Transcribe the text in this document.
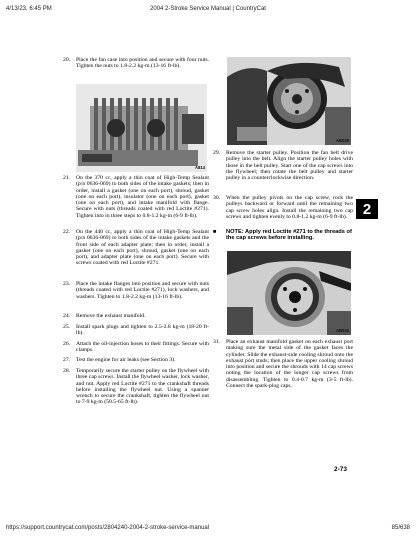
4/13/23, 6:45 PM	2004 2-Stroke Service Manual | CountryCat
20.	Place the fan case into position and secure with four nuts. Tighten the nuts to 1.8-2.2 kg-m (13-16 ft-lb).
A814
21.	On the 370 cc, apply a thin coat of High-Temp Sealant (p/n 0636-069) to both sides of the intake gaskets; then in order, install a gasket (one on each port), shroud, gasket (one on each port), insulator (one on each port), gasket (one on each port), and intake manifold with flange. Secure with nuts (threads coated with red Loctite #271). Tighten into in three steps to 0.8-1.2 kg-m (6-9 ft-lb).
22.	On the 440 cc, apply a thin coat of High-Temp Sealant (p/n 0636-069) to both sides of the intake gaskets and the front side of each adapter plate; then in order, install a gasket (one on each port), shroud, gasket (one on each port), and adapter plate (one on each port). Secure with screws coated with red Loctite #271.
23.	Place the intake flanges into position and secure with nuts (threads coated with red Loctite #271), lock washers, and washers. Tighten to 1.8-2.2 kg-m (13-16 ft-lb).
24.	Remove the exhaust manifold.
25.	Install spark plugs and tighten to 2.5-2.8 kg-m (18-20 ft-lb).
26.	Attach the oil-injection hoses to their fittings. Secure with clamps.
27.	Test the engine for air leaks (see Section 3).
28.	Temporarily secure the starter pulley on the flywheel with three cap screws. Install the flywheel washer, lock washer, and nut. Apply red Loctite #271 to the crankshaft threads before installing the flywheel nut. Using a spanner wrench to secure the crankshaft, tighten the flywheel nut to 7-9 kg-m (50.5-65 ft-lb).
AB029
29.	Remove the starter pulley. Position the fan belt drive pulley into the belt. Align the starter pulley holes with those in the belt pulley. Start one of the cap screws into the flywheel; then rotate the belt pulley and starter pulley in a counterclockwise direction.
30.	When the pulley pivots on the cap screw, rock the pulleys backward or forward until the remaining two cap screw holes align. Install the remaining two cap screws and tighten evenly to 0.8-1.2 kg-m (6-9 ft-lb).
■ NOTE: Apply red Loctite #271 to the threads of the cap screws before installing.
AB040
31.	Place an exhaust manifold gasket on each exhaust port making sure the metal side of the gasket faces the cylinder. Slide the exhaust-side cooling shroud onto the exhaust port studs; then place the upper cooling shroud into position and secure the shrouds with 14 cap screws noting the location of the longer cap screws from disassembling. Tighten to 0.4-0.7 kg-m (3-5 ft-lb). Connect the spark-plug caps.
2
2-73
https://support.countrycat.com/posts/2804240-2004-2-stroke-service-manual	85/638
